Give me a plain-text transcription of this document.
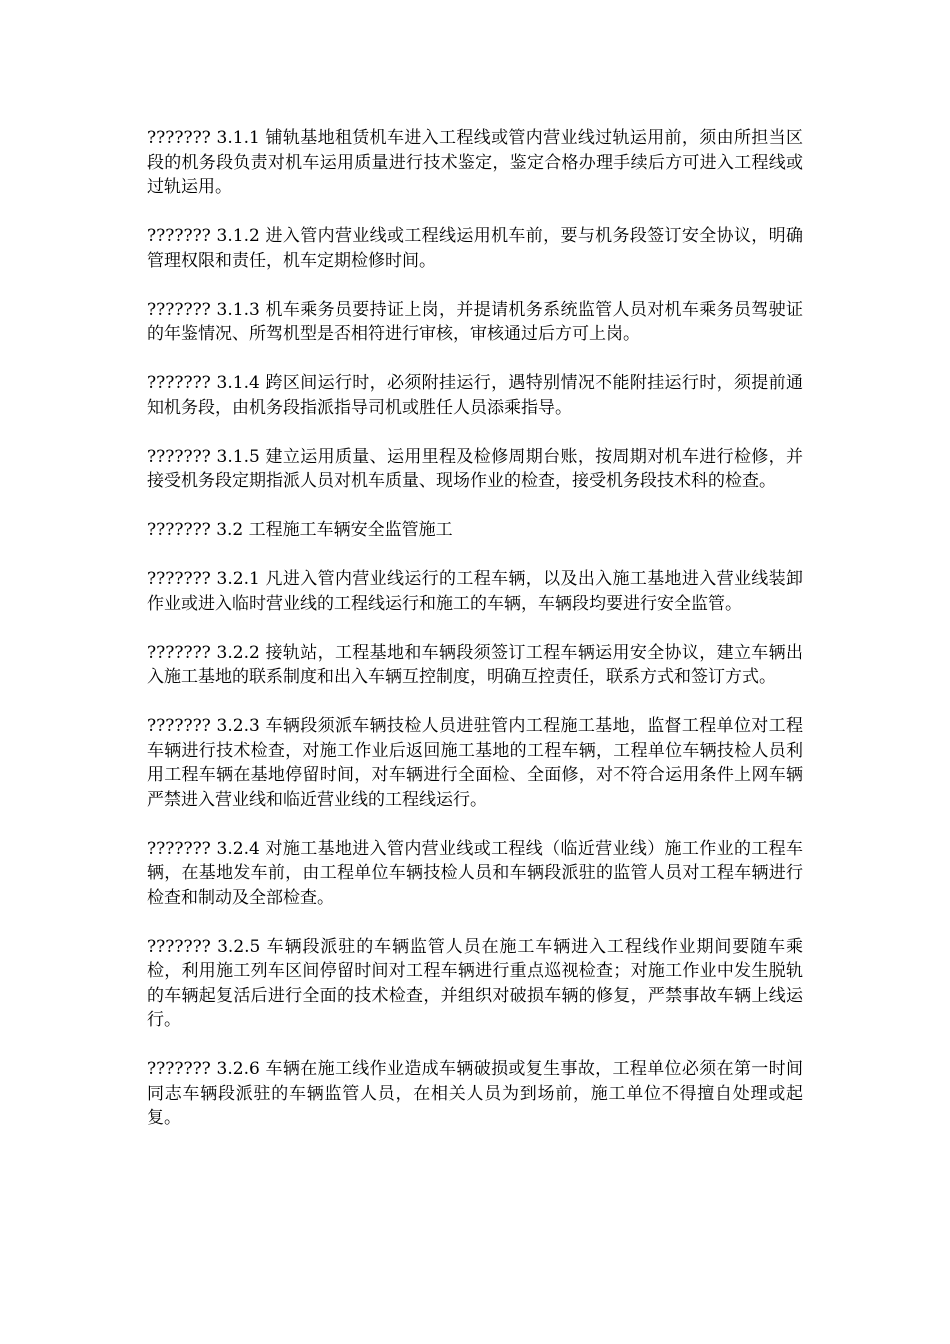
??????? 3.1.1 铺轨基地租赁机车进入工程线或管内营业线过轨运用前，须由所担当区段的机务段负责对机车运用质量进行技术鉴定，鉴定合格办理手续后方可进入工程线或过轨运用。

??????? 3.1.2 进入管内营业线或工程线运用机车前，要与机务段签订安全协议，明确管理权限和责任，机车定期检修时间。

??????? 3.1.3 机车乘务员要持证上岗，并提请机务系统监管人员对机车乘务员驾驶证的年鉴情况、所驾机型是否相符进行审核，审核通过后方可上岗。

??????? 3.1.4 跨区间运行时，必须附挂运行，遇特别情况不能附挂运行时，须提前通知机务段，由机务段指派指导司机或胜任人员添乘指导。

??????? 3.1.5 建立运用质量、运用里程及检修周期台账，按周期对机车进行检修，并接受机务段定期指派人员对机车质量、现场作业的检查，接受机务段技术科的检查。

??????? 3.2 工程施工车辆安全监管施工

??????? 3.2.1 凡进入管内营业线运行的工程车辆，以及出入施工基地进入营业线装卸作业或进入临时营业线的工程线运行和施工的车辆，车辆段均要进行安全监管。

??????? 3.2.2 接轨站，工程基地和车辆段须签订工程车辆运用安全协议，建立车辆出入施工基地的联系制度和出入车辆互控制度，明确互控责任，联系方式和签订方式。

??????? 3.2.3 车辆段须派车辆技检人员进驻管内工程施工基地，监督工程单位对工程车辆进行技术检查，对施工作业后返回施工基地的工程车辆，工程单位车辆技检人员利用工程车辆在基地停留时间，对车辆进行全面检、全面修，对不符合运用条件上网车辆严禁进入营业线和临近营业线的工程线运行。

??????? 3.2.4 对施工基地进入管内营业线或工程线（临近营业线）施工作业的工程车辆，在基地发车前，由工程单位车辆技检人员和车辆段派驻的监管人员对工程车辆进行检查和制动及全部检查。

??????? 3.2.5 车辆段派驻的车辆监管人员在施工车辆进入工程线作业期间要随车乘检，利用施工列车区间停留时间对工程车辆进行重点巡视检查；对施工作业中发生脱轨的车辆起复活后进行全面的技术检查，并组织对破损车辆的修复，严禁事故车辆上线运行。

??????? 3.2.6 车辆在施工线作业造成车辆破损或复生事故，工程单位必须在第一时间同志车辆段派驻的车辆监管人员，在相关人员为到场前，施工单位不得擅自处理或起复。
